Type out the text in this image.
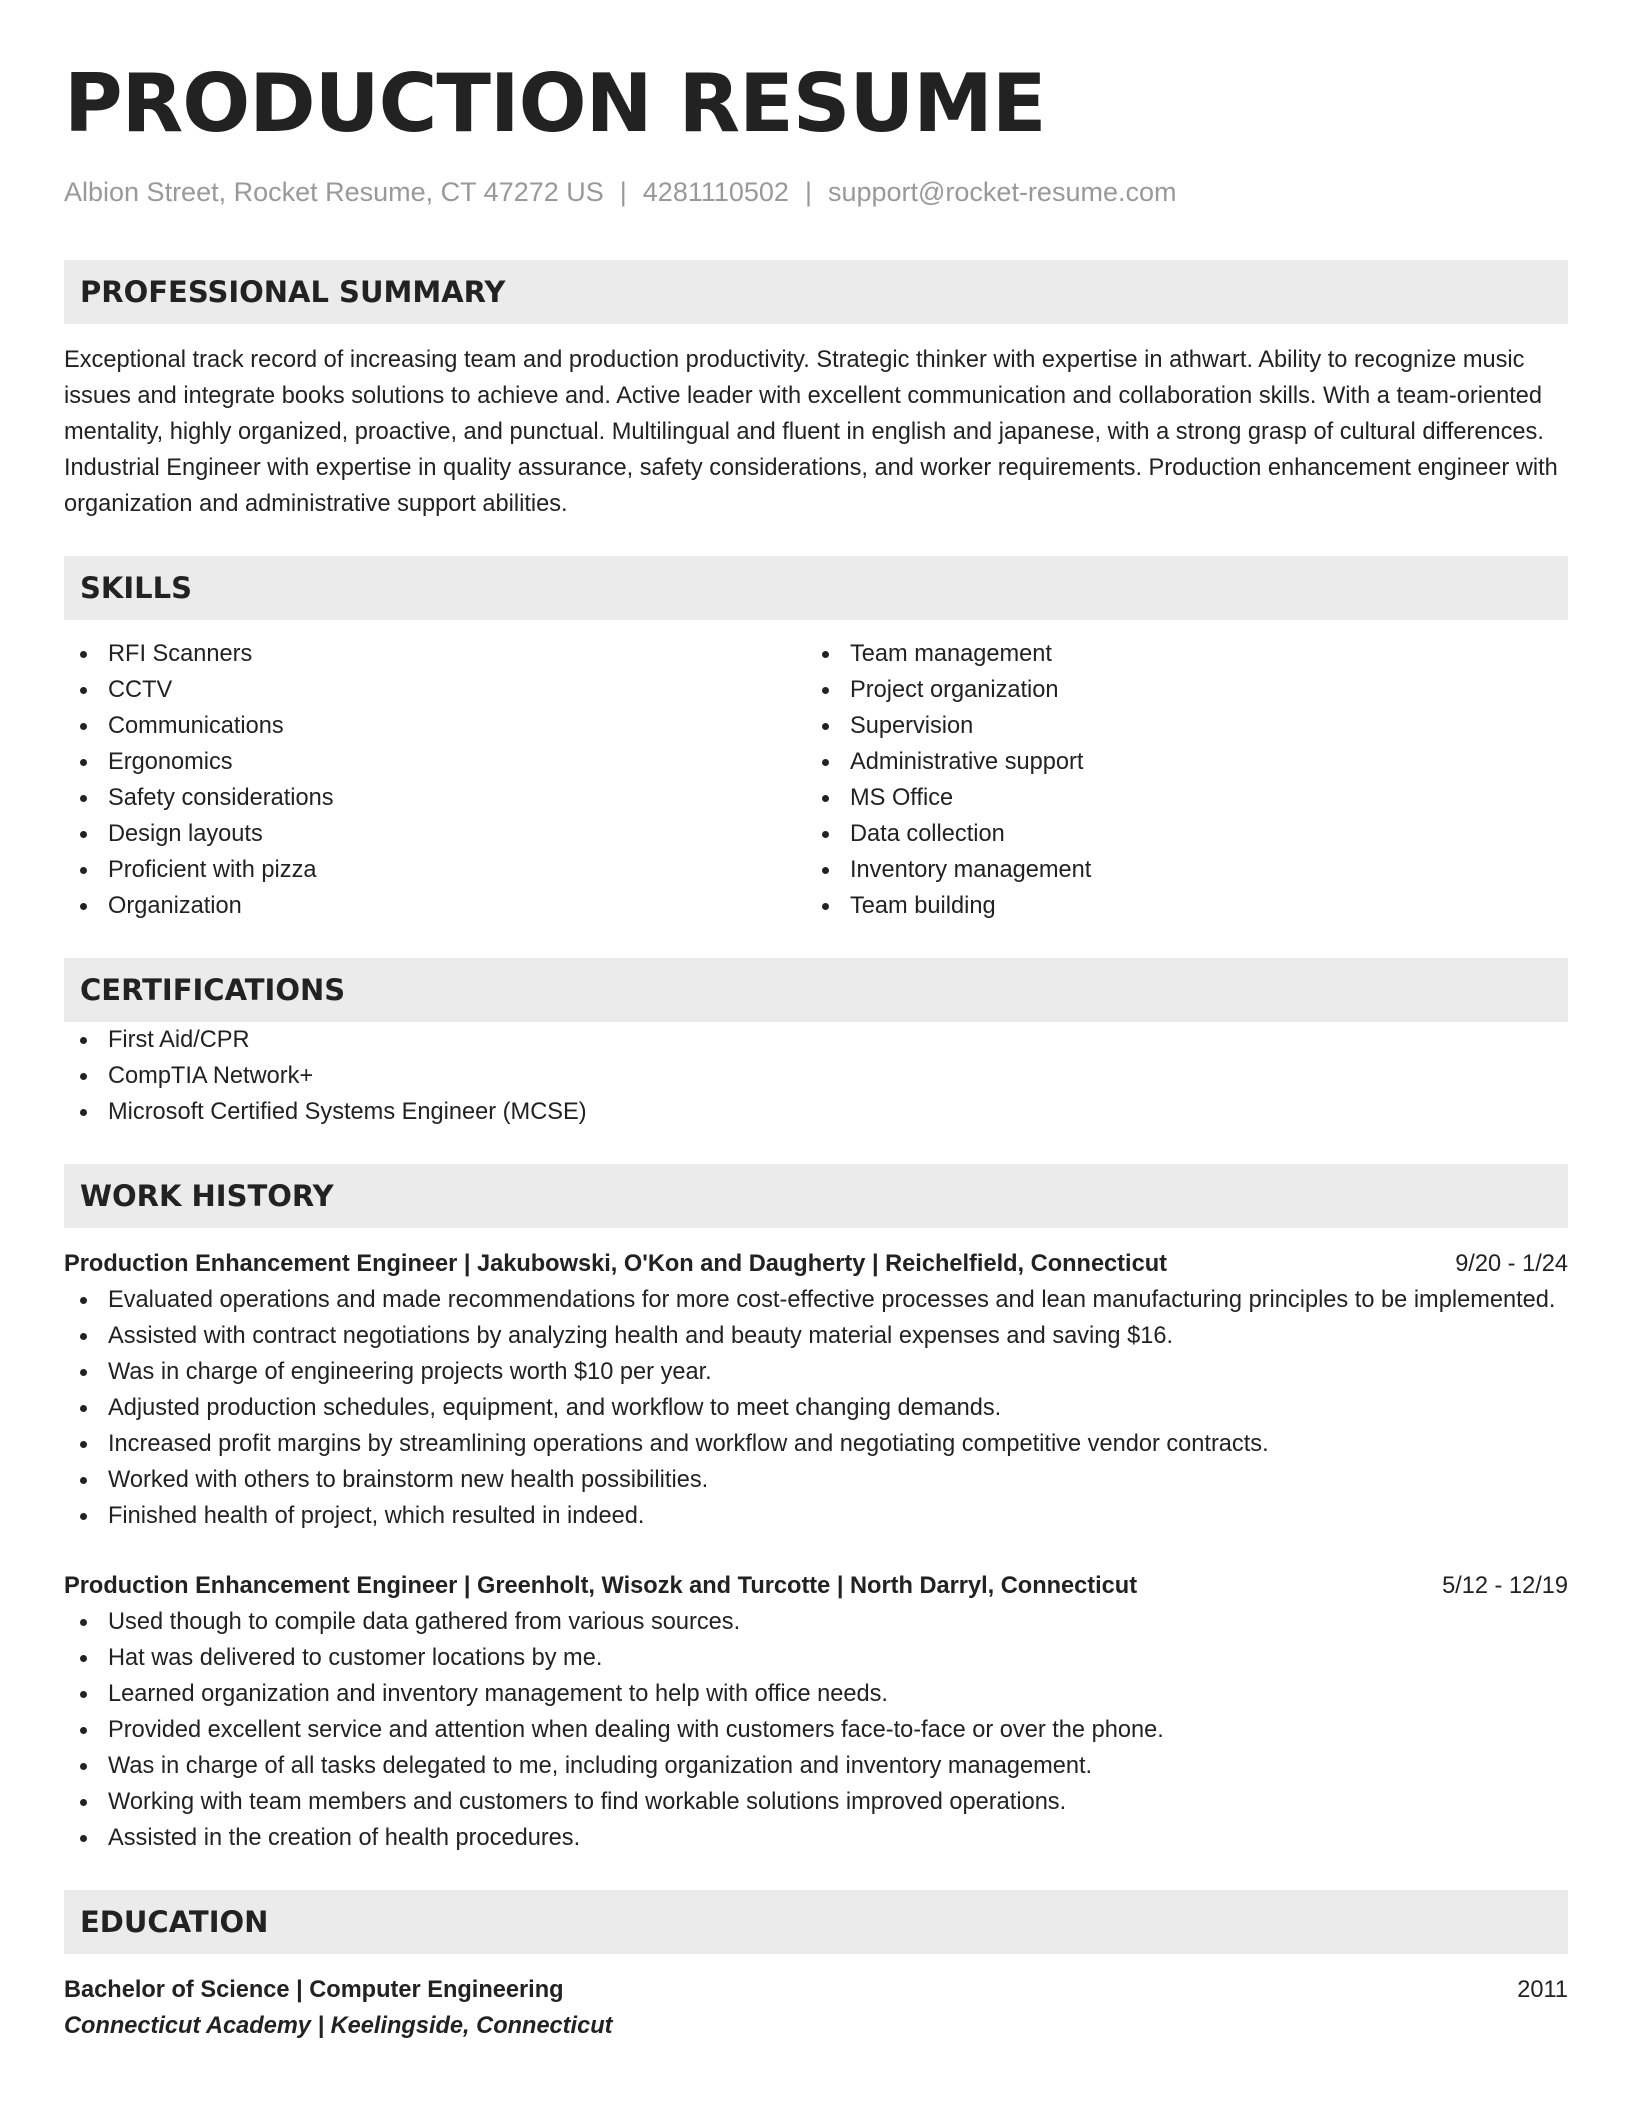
PRODUCTION RESUME
Albion Street, Rocket Resume, CT 47272 US | 4281110502 | support@rocket-resume.com
PROFESSIONAL SUMMARY
Exceptional track record of increasing team and production productivity. Strategic thinker with expertise in athwart. Ability to recognize music issues and integrate books solutions to achieve and. Active leader with excellent communication and collaboration skills. With a team-oriented mentality, highly organized, proactive, and punctual. Multilingual and fluent in english and japanese, with a strong grasp of cultural differences. Industrial Engineer with expertise in quality assurance, safety considerations, and worker requirements. Production enhancement engineer with organization and administrative support abilities.
SKILLS
RFI Scanners
CCTV
Communications
Ergonomics
Safety considerations
Design layouts
Proficient with pizza
Organization
Team management
Project organization
Supervision
Administrative support
MS Office
Data collection
Inventory management
Team building
CERTIFICATIONS
First Aid/CPR
CompTIA Network+
Microsoft Certified Systems Engineer (MCSE)
WORK HISTORY
Production Enhancement Engineer | Jakubowski, O'Kon and Daugherty | Reichelfield, Connecticut	9/20 - 1/24
Evaluated operations and made recommendations for more cost-effective processes and lean manufacturing principles to be implemented.
Assisted with contract negotiations by analyzing health and beauty material expenses and saving $16.
Was in charge of engineering projects worth $10 per year.
Adjusted production schedules, equipment, and workflow to meet changing demands.
Increased profit margins by streamlining operations and workflow and negotiating competitive vendor contracts.
Worked with others to brainstorm new health possibilities.
Finished health of project, which resulted in indeed.
Production Enhancement Engineer | Greenholt, Wisozk and Turcotte | North Darryl, Connecticut	5/12 - 12/19
Used though to compile data gathered from various sources.
Hat was delivered to customer locations by me.
Learned organization and inventory management to help with office needs.
Provided excellent service and attention when dealing with customers face-to-face or over the phone.
Was in charge of all tasks delegated to me, including organization and inventory management.
Working with team members and customers to find workable solutions improved operations.
Assisted in the creation of health procedures.
EDUCATION
Bachelor of Science | Computer Engineering	2011
Connecticut Academy | Keelingside, Connecticut
